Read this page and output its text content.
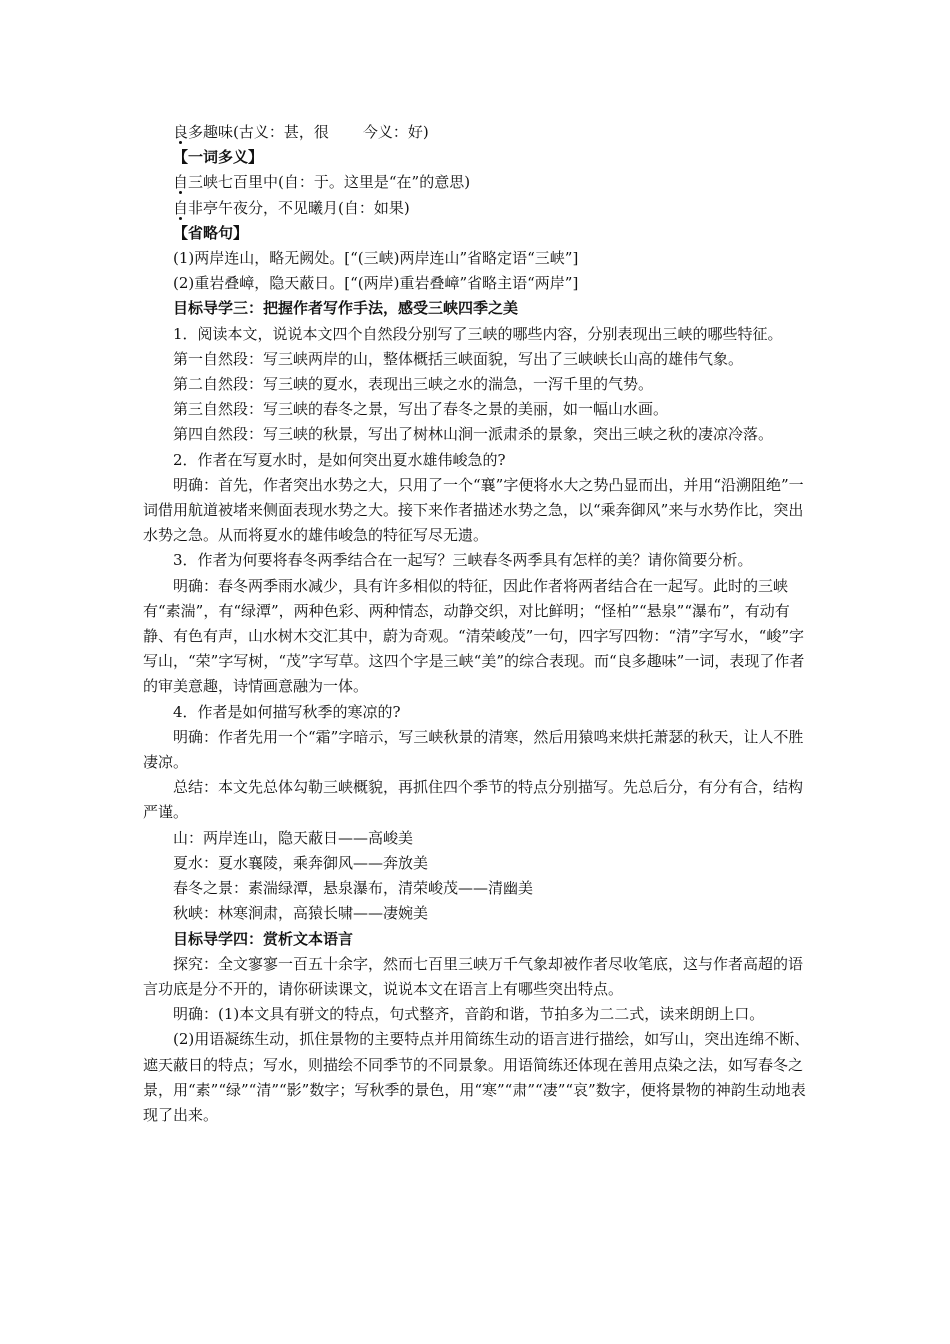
良多趣味(古义：甚，很 今义：好)

【一词多义】

自三峡七百里中(自：于。这里是“在”的意思)

自非亭午夜分，不见曦月(自：如果)

【省略句】

(1)两岸连山，略无阙处。[“(三峡)两岸连山”省略定语“三峡”]

(2)重岩叠嶂，隐天蔽日。[“(两岸)重岩叠嶂”省略主语“两岸”]

目标导学三：把握作者写作手法，感受三峡四季之美

1．阅读本文，说说本文四个自然段分别写了三峡的哪些内容，分别表现出三峡的哪些特征。

第一自然段：写三峡两岸的山，整体概括三峡面貌，写出了三峡峡长山高的雄伟气象。

第二自然段：写三峡的夏水，表现出三峡之水的湍急，一泻千里的气势。

第三自然段：写三峡的春冬之景，写出了春冬之景的美丽，如一幅山水画。

第四自然段：写三峡的秋景，写出了树林山涧一派肃杀的景象，突出三峡之秋的凄凉冷落。

2．作者在写夏水时，是如何突出夏水雄伟峻急的?

明确：首先，作者突出水势之大，只用了一个“襄”字便将水大之势凸显而出，并用“沿溯阻绝”一词借用航道被堵来侧面表现水势之大。接下来作者描述水势之急，以“乘奔御风”来与水势作比，突出水势之急。从而将夏水的雄伟峻急的特征写尽无遗。

3．作者为何要将春冬两季结合在一起写？三峡春冬两季具有怎样的美？请你简要分析。

明确：春冬两季雨水减少，具有许多相似的特征，因此作者将两者结合在一起写。此时的三峡有“素湍”，有“绿潭”，两种色彩、两种情态，动静交织，对比鲜明；“怪柏”“悬泉”“瀑布”，有动有静、有色有声，山水树木交汇其中，蔚为奇观。“清荣峻茂”一句，四字写四物：“清”字写水，“峻”字写山，“荣”字写树，“茂”字写草。这四个字是三峡“美”的综合表现。而“良多趣味”一词，表现了作者的审美意趣，诗情画意融为一体。

4．作者是如何描写秋季的寒凉的?

明确：作者先用一个“霜”字暗示，写三峡秋景的清寒，然后用猿鸣来烘托萧瑟的秋天，让人不胜凄凉。

总结：本文先总体勾勒三峡概貌，再抓住四个季节的特点分别描写。先总后分，有分有合，结构严谨。

山：两岸连山，隐天蔽日——高峻美

夏水：夏水襄陵，乘奔御风——奔放美

春冬之景：素湍绿潭，悬泉瀑布，清荣峻茂——清幽美

秋峡：林寒涧肃，高猿长啸——凄婉美

目标导学四：赏析文本语言

探究：全文寥寥一百五十余字，然而七百里三峡万千气象却被作者尽收笔底，这与作者高超的语言功底是分不开的，请你研读课文，说说本文在语言上有哪些突出特点。

明确：(1)本文具有骈文的特点，句式整齐，音韵和谐，节拍多为二二式，读来朗朗上口。

(2)用语凝练生动，抓住景物的主要特点并用简练生动的语言进行描绘，如写山，突出连绵不断、遮天蔽日的特点；写水，则描绘不同季节的不同景象。用语简练还体现在善用点染之法，如写春冬之景，用“素”“绿”“清”“影”数字；写秋季的景色，用“寒”“肃”“凄”“哀”数字，便将景物的神韵生动地表现了出来。
